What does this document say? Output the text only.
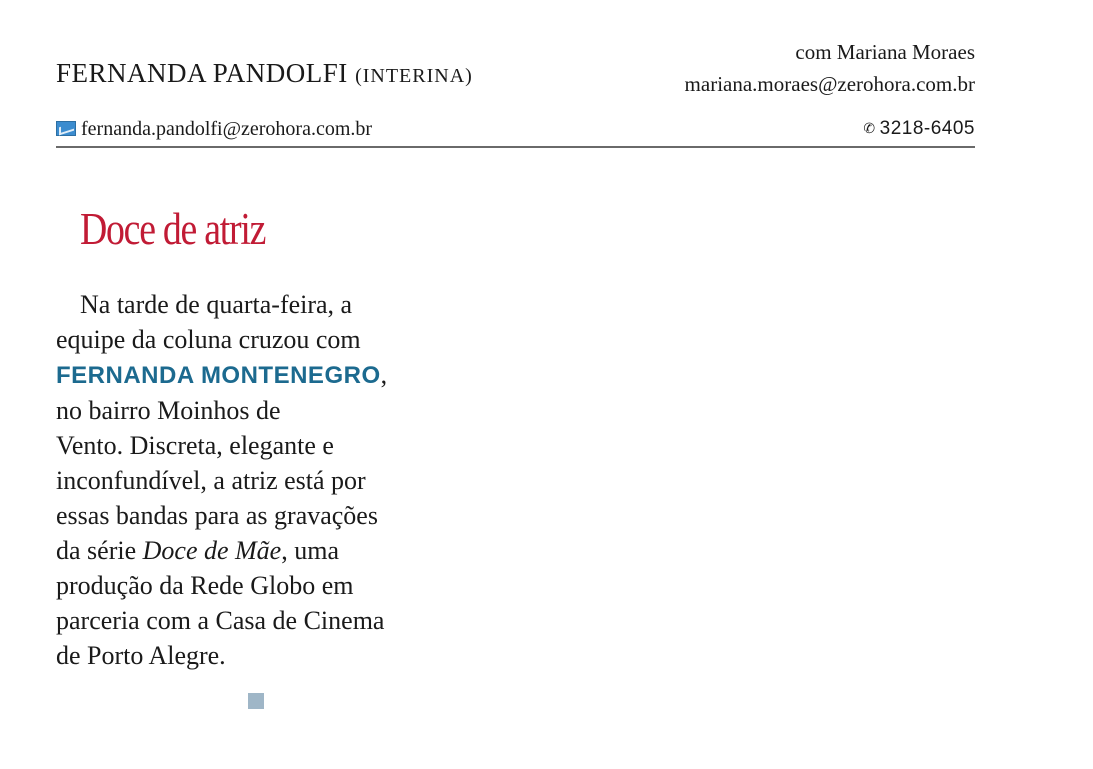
FERNANDA PANDOLFI (INTERINA)
com Mariana Moraes
mariana.moraes@zerohora.com.br
fernanda.pandolfi@zerohora.com.br	✆ 3218-6405
Doce de atriz
Na tarde de quarta-feira, a
equipe da coluna cruzou com
FERNANDA MONTENEGRO,
no bairro Moinhos de
Vento. Discreta, elegante e
inconfundível, a atriz está por
essas bandas para as gravações
da série Doce de Mãe, uma
produção da Rede Globo em
parceria com a Casa de Cinema
de Porto Alegre.
